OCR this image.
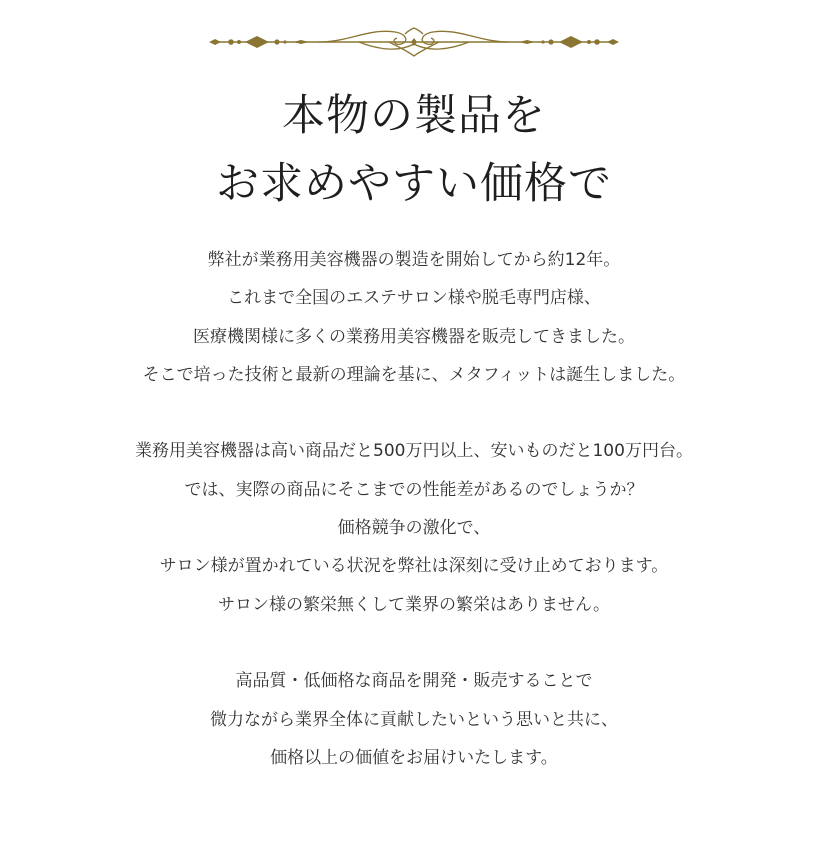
本物の製品を
お求めやすい価格で
弊社が業務用美容機器の製造を開始してから約12年。
これまで全国のエステサロン様や脱毛専門店様、
医療機関様に多くの業務用美容機器を販売してきました。
そこで培った技術と最新の理論を基に、メタフィットは誕生しました。
業務用美容機器は高い商品だと500万円以上、安いものだと100万円台。
では、実際の商品にそこまでの性能差があるのでしょうか？
価格競争の激化で、
サロン様が置かれている状況を弊社は深刻に受け止めております。
サロン様の繁栄無くして業界の繁栄はありません。
高品質・低価格な商品を開発・販売することで
微力ながら業界全体に貢献したいという思いと共に、
価格以上の価値をお届けいたします。
